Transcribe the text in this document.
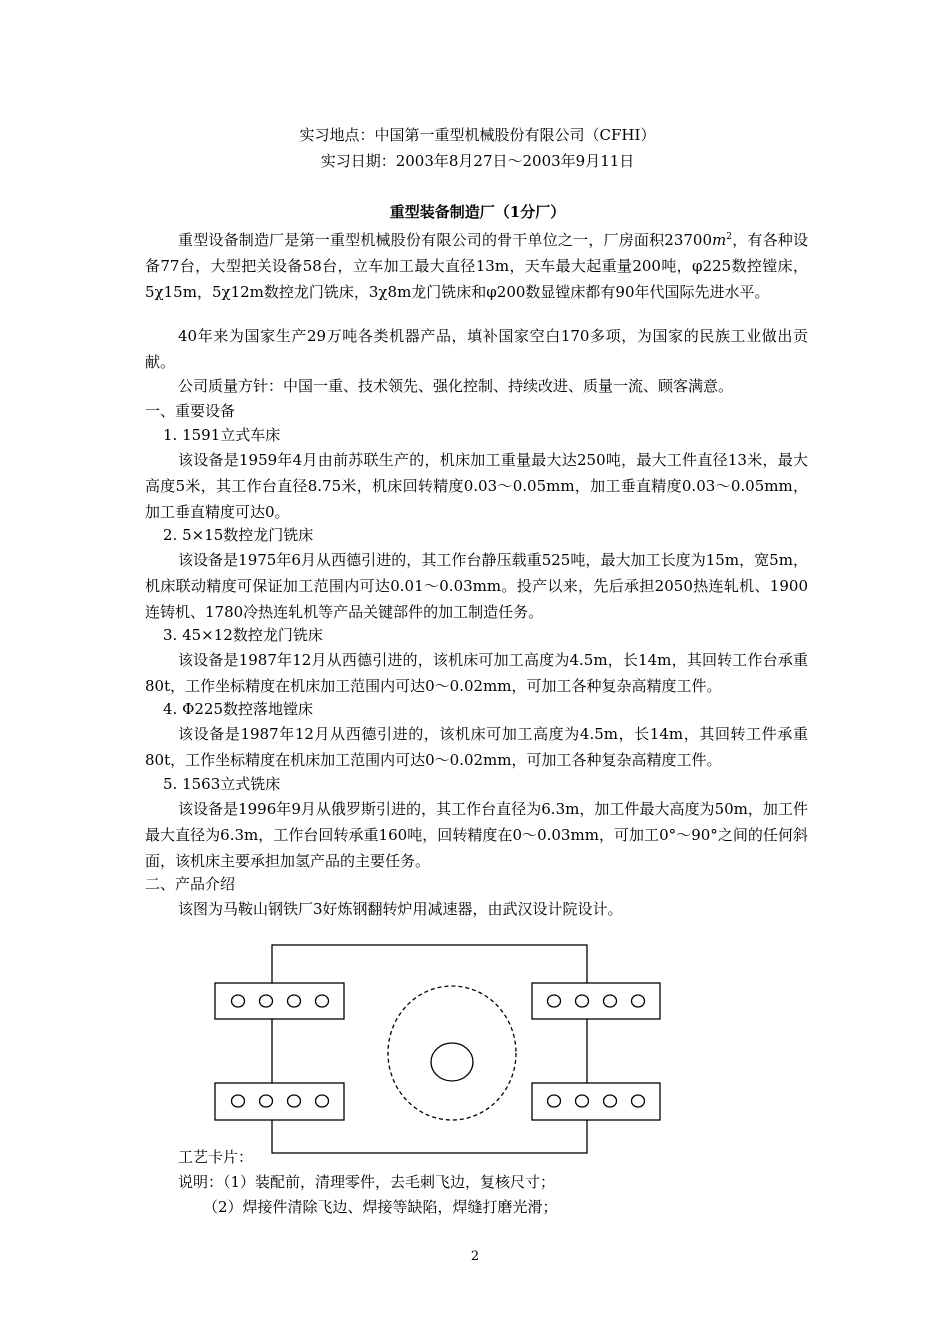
实习地点：中国第一重型机械股份有限公司（CFHI）
实习日期：2003年8月27日～2003年9月11日
重型装备制造厂（1分厂）
重型设备制造厂是第一重型机械股份有限公司的骨干单位之一，厂房面积$23700m^2$，有各种设备77台，大型把关设备58台，立车加工最大直径13m，天车最大起重量200吨，φ225数控镗床，5χ15m，5χ12m数控龙门铣床，3χ8m龙门铣床和φ200数显镗床都有90年代国际先进水平。
40年来为国家生产29万吨各类机器产品，填补国家空白170多项，为国家的民族工业做出贡献。
公司质量方针：中国一重、技术领先、强化控制、持续改进、质量一流、顾客满意。
一、重要设备
1. 1591立式车床
该设备是1959年4月由前苏联生产的，机床加工重量最大达250吨，最大工件直径13米，最大高度5米，其工作台直径8.75米，机床回转精度0.03～0.05mm，加工垂直精度0.03～0.05mm，加工垂直精度可达0。
2. 5×15数控龙门铣床
该设备是1975年6月从西德引进的，其工作台静压载重525吨，最大加工长度为15m，宽5m，机床联动精度可保证加工范围内可达0.01～0.03mm。投产以来，先后承担2050热连轧机、1900连铸机、1780冷热连轧机等产品关键部件的加工制造任务。
3. 45×12数控龙门铣床
该设备是1987年12月从西德引进的，该机床可加工高度为4.5m，长14m，其回转工作台承重80t，工作坐标精度在机床加工范围内可达0～0.02mm，可加工各种复杂高精度工件。
4. Φ225数控落地镗床
该设备是1987年12月从西德引进的，该机床可加工高度为4.5m，长14m，其回转工件承重80t，工作坐标精度在机床加工范围内可达0～0.02mm，可加工各种复杂高精度工件。
5. 1563立式铣床
该设备是1996年9月从俄罗斯引进的，其工作台直径为6.3m，加工件最大高度为50m，加工件最大直径为6.3m，工作台回转承重160吨，回转精度在0～0.03mm，可加工0°～90°之间的任何斜面，该机床主要承担加氢产品的主要任务。
二、产品介绍
该图为马鞍山钢铁厂3好炼钢翻转炉用减速器，由武汉设计院设计。
工艺卡片：
说明：（1）装配前，清理零件，去毛刺飞边，复核尺寸；
（2）焊接件清除飞边、焊接等缺陷，焊缝打磨光滑；
2
